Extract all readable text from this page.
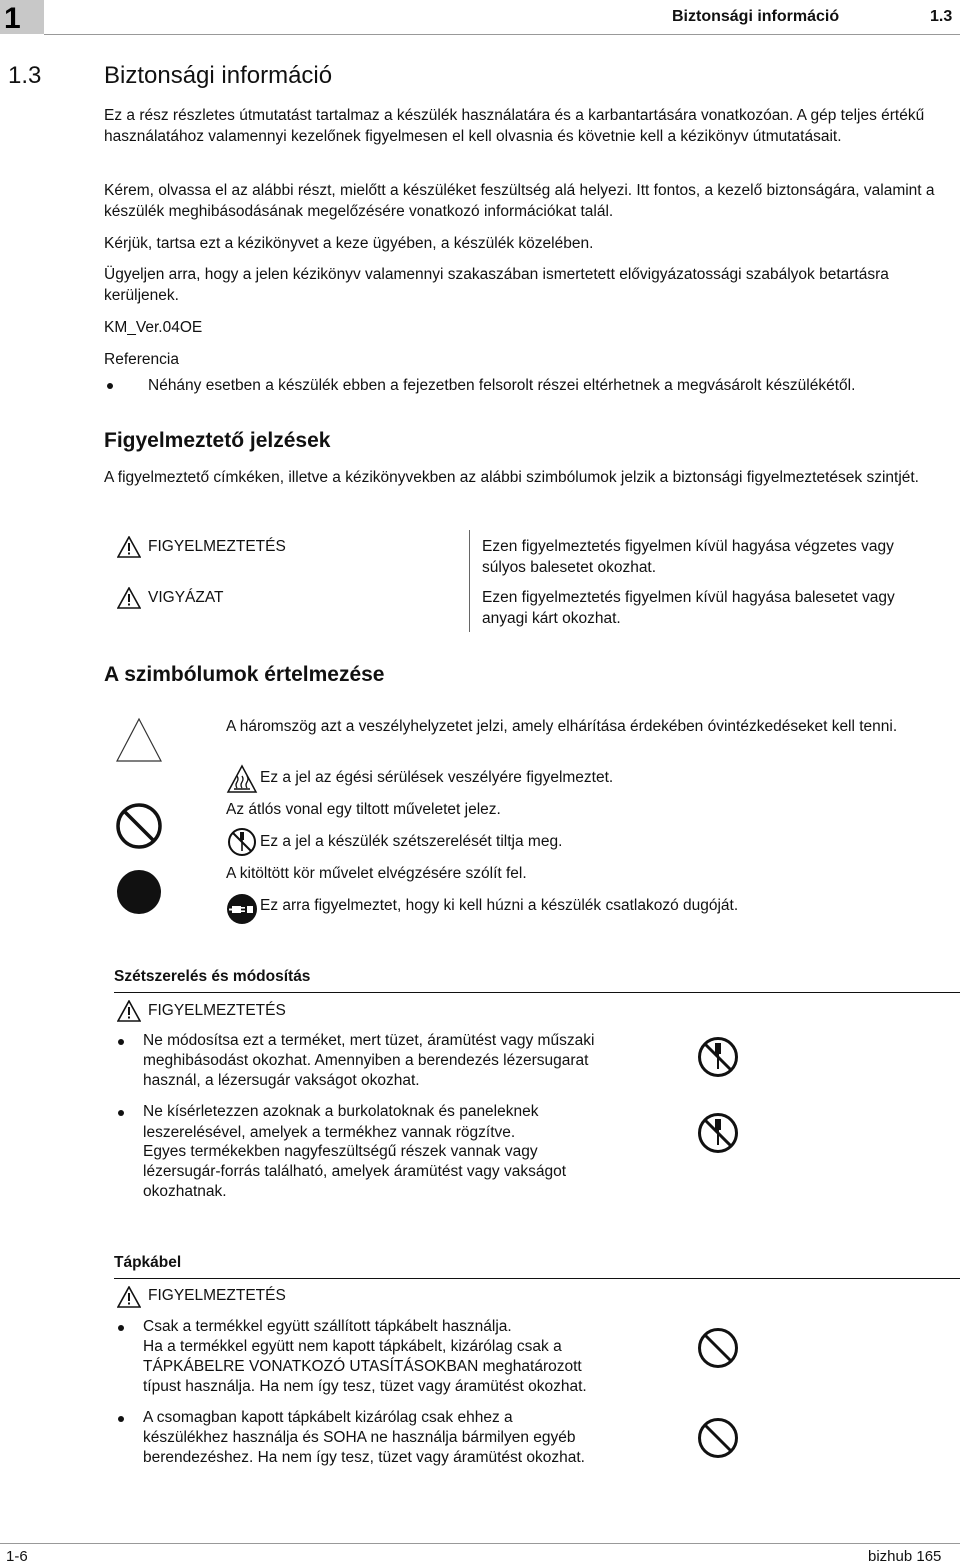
1	Biztonsági információ	1.3
1.3	Biztonsági információ

Ez a rész részletes útmutatást tartalmaz a készülék használatára és a karbantartására vonatkozóan. A gép teljes értékű használatához valamennyi kezelőnek figyelmesen el kell olvasnia és követnie kell a kézikönyv útmutatásait.

Kérem, olvassa el az alábbi részt, mielőtt a készüléket feszültség alá helyezi. Itt fontos, a kezelő biztonságára, valamint a készülék meghibásodásának megelőzésére vonatkozó információkat talál.

Kérjük, tartsa ezt a kézikönyvet a keze ügyében, a készülék közelében.

Ügyeljen arra, hogy a jelen kézikönyv valamennyi szakaszában ismertetett elővigyázatossági szabályok betartásra kerüljenek.

KM_Ver.04OE

Referencia

Néhány esetben a készülék ebben a fejezetben felsorolt részei eltérhetnek a megvásárolt készülékétől.

Figyelmeztető jelzések

A figyelmeztető címkéken, illetve a kézikönyvekben az alábbi szimbólumok jelzik a biztonsági figyelmeztetések szintjét.

FIGYELMEZTETÉS	Ezen figyelmeztetés figyelmen kívül hagyása végzetes vagy súlyos balesetet okozhat.
VIGYÁZAT	Ezen figyelmeztetés figyelmen kívül hagyása balesetet vagy anyagi kárt okozhat.
A szimbólumok értelmezése

A háromszög azt a veszélyhelyzetet jelzi, amely elhárítása érdekében óvintézkedéseket kell tenni.

Ez a jel az égési sérülések veszélyére figyelmeztet.

Az átlós vonal egy tiltott műveletet jelez.

Ez a jel a készülék szétszerelését tiltja meg.

A kitöltött kör művelet elvégzésére szólít fel.

Ez arra figyelmeztet, hogy ki kell húzni a készülék csatlakozó dugóját.

Szétszerelés és módosítás
FIGYELMEZTETÉS
Ne módosítsa ezt a terméket, mert tüzet, áramütést vagy műszaki
meghibásodást okozhat. Amennyiben a berendezés lézersugarat
használ, a lézersugár vakságot okozhat.
Ne kísérletezzen azoknak a burkolatoknak és paneleknek
leszerelésével, amelyek a termékhez vannak rögzítve.
Egyes termékekben nagyfeszültségű részek vannak vagy
lézersugár-forrás található, amelyek áramütést vagy vakságot
okozhatnak.
Tápkábel
FIGYELMEZTETÉS
Csak a termékkel együtt szállított tápkábelt használja.
Ha a termékkel együtt nem kapott tápkábelt, kizárólag csak a
TÁPKÁBELRE VONATKOZÓ UTASÍTÁSOKBAN meghatározott
típust használja. Ha nem így tesz, tüzet vagy áramütést okozhat.
A csomagban kapott tápkábelt kizárólag csak ehhez a
készülékhez használja és SOHA ne használja bármilyen egyéb
berendezéshez. Ha nem így tesz, tüzet vagy áramütést okozhat.
1-6	bizhub 165
